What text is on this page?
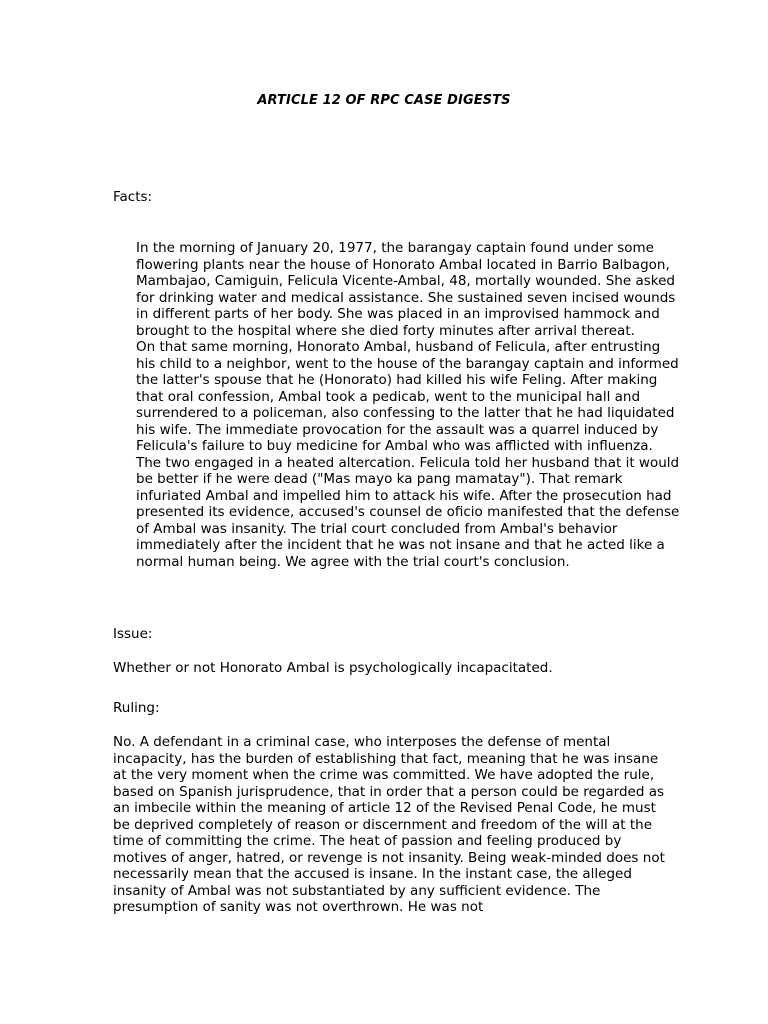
ARTICLE 12 OF RPC CASE DIGESTS
Facts:

In the morning of January 20, 1977, the barangay captain found under some flowering plants near the house of Honorato Ambal located in Barrio Balbagon, Mambajao, Camiguin, Felicula Vicente-Ambal, 48, mortally wounded. She asked for drinking water and medical assistance. She sustained seven incised wounds in different parts of her body. She was placed in an improvised hammock and brought to the hospital where she died forty minutes after arrival thereat.

On that same morning, Honorato Ambal, husband of Felicula, after entrusting his child to a neighbor, went to the house of the barangay captain and informed the latter's spouse that he (Honorato) had killed his wife Feling. After making that oral confession, Ambal took a pedicab, went to the municipal hall and surrendered to a policeman, also confessing to the latter that he had liquidated his wife. The immediate provocation for the assault was a quarrel induced by Felicula's failure to buy medicine for Ambal who was afflicted with influenza. The two engaged in a heated altercation. Felicula told her husband that it would be better if he were dead ("Mas mayo ka pang mamatay"). That remark infuriated Ambal and impelled him to attack his wife. After the prosecution had presented its evidence, accused's counsel de oficio manifested that the defense of Ambal was insanity. The trial court concluded from Ambal's behavior immediately after the incident that he was not insane and that he acted like a normal human being. We agree with the trial court's conclusion.

Issue:
Whether or not Honorato Ambal is psychologically incapacitated.
Ruling:
No. A defendant in a criminal case, who interposes the defense of mental incapacity, has the burden of establishing that fact, meaning that he was insane at the very moment when the crime was committed. We have adopted the rule, based on Spanish jurisprudence, that in order that a person could be regarded as an imbecile within the meaning of article 12 of the Revised Penal Code, he must be deprived completely of reason or discernment and freedom of the will at the time of committing the crime. The heat of passion and feeling produced by motives of anger, hatred, or revenge is not insanity. Being weak-minded does not necessarily mean that the accused is insane. In the instant case, the alleged insanity of Ambal was not substantiated by any sufficient evidence. The presumption of sanity was not overthrown. He was not
